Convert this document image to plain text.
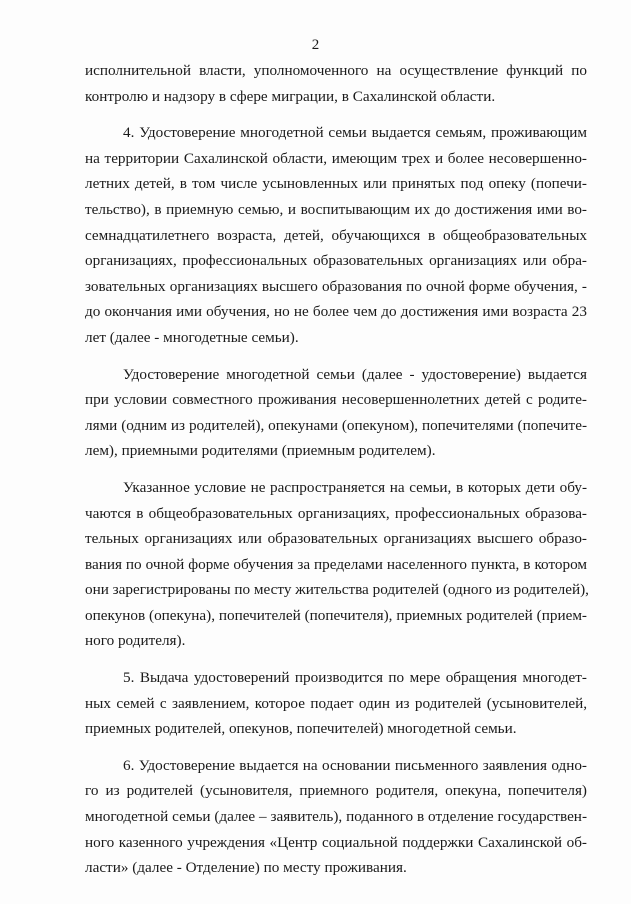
2
исполнительной власти, уполномоченного на осуществление функций по
контролю и надзору в сфере миграции, в Сахалинской области.
4. Удостоверение многодетной семьи выдается семьям, проживающим
на территории Сахалинской области, имеющим трех и более несовершенно-
летних детей, в том числе усыновленных или принятых под опеку (попечи-
тельство), в приемную семью, и воспитывающим их до достижения ими во-
семнадцатилетнего возраста, детей, обучающихся в общеобразовательных
организациях, профессиональных образовательных организациях или обра-
зовательных организациях высшего образования по очной форме обучения, -
до окончания ими обучения, но не более чем до достижения ими возраста 23
лет (далее - многодетные семьи).
Удостоверение многодетной семьи (далее - удостоверение) выдается
при условии совместного проживания несовершеннолетних детей с родите-
лями (одним из родителей), опекунами (опекуном), попечителями (попечите-
лем), приемными родителями (приемным родителем).
Указанное условие не распространяется на семьи, в которых дети обу-
чаются в общеобразовательных организациях, профессиональных образова-
тельных организациях или образовательных организациях высшего образо-
вания по очной форме обучения за пределами населенного пункта, в котором
они зарегистрированы по месту жительства родителей (одного из родителей),
опекунов (опекуна), попечителей (попечителя), приемных родителей (прием-
ного родителя).
5. Выдача удостоверений производится по мере обращения многодет-
ных семей с заявлением, которое подает один из родителей (усыновителей,
приемных родителей, опекунов, попечителей) многодетной семьи.
6. Удостоверение выдается на основании письменного заявления одно-
го из родителей (усыновителя, приемного родителя, опекуна, попечителя)
многодетной семьи (далее – заявитель), поданного в отделение государствен-
ного казенного учреждения «Центр социальной поддержки Сахалинской об-
ласти» (далее - Отделение) по месту проживания.
